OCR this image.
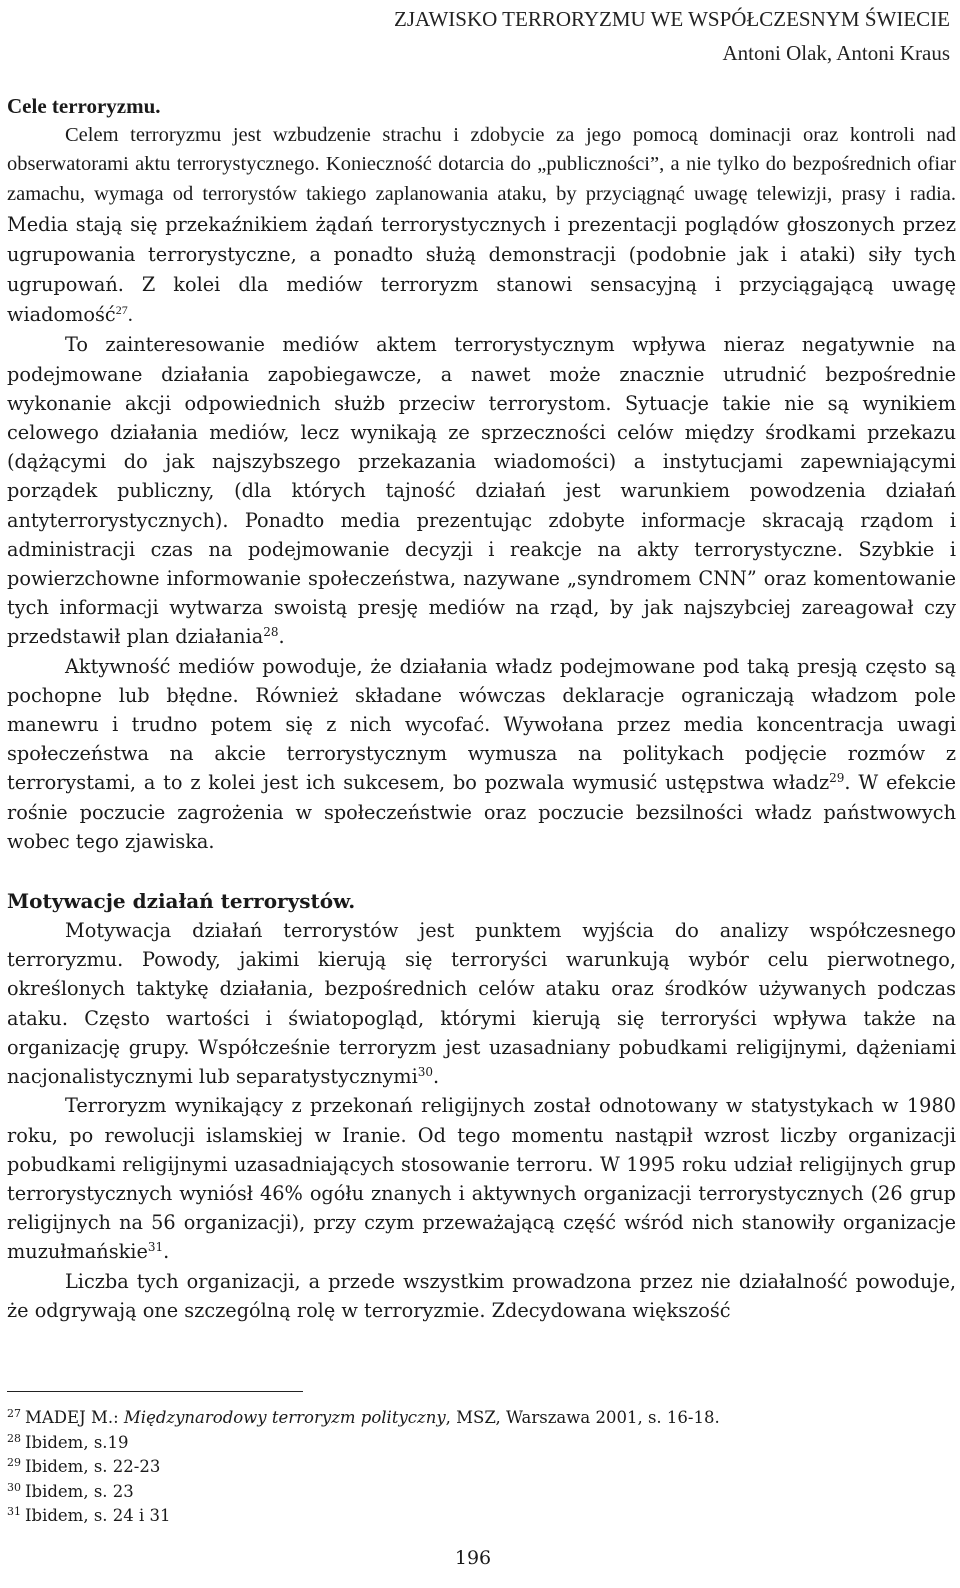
ZJAWISKO TERRORYZMU WE WSPÓŁCZESNYM ŚWIECIE
Antoni Olak, Antoni Kraus
Cele terroryzmu.

Celem terroryzmu jest wzbudzenie strachu i zdobycie za jego pomocą dominacji oraz kontroli nad obserwatorami aktu terrorystycznego. Konieczność dotarcia do „publiczności”, a nie tylko do bezpośrednich ofiar zamachu, wymaga od terrorystów takiego zaplanowania ataku, by przyciągnąć uwagę telewizji, prasy i radia. Media stają się przekaźnikiem żądań terrorystycznych i prezentacji poglądów głoszonych przez ugrupowania terrorystyczne, a ponadto służą demonstracji (podobnie jak i ataki) siły tych ugrupowań. Z kolei dla mediów terroryzm stanowi sensacyjną i przyciągającą uwagę wiadomość$^{27}$.

To zainteresowanie mediów aktem terrorystycznym wpływa nieraz negatywnie na podejmowane działania zapobiegawcze, a nawet może znacznie utrudnić bezpośrednie wykonanie akcji odpowiednich służb przeciw terrorystom. Sytuacje takie nie są wynikiem celowego działania mediów, lecz wynikają ze sprzeczności celów między środkami przekazu (dążącymi do jak najszybszego przekazania wiadomości) a instytucjami zapewniającymi porządek publiczny, (dla których tajność działań jest warunkiem powodzenia działań antyterrorystycznych). Ponadto media prezentując zdobyte informacje skracają rządom i administracji czas na podejmowanie decyzji i reakcje na akty terrorystyczne. Szybkie i powierzchowne informowanie społeczeństwa, nazywane „syndromem CNN” oraz komentowanie tych informacji wytwarza swoistą presję mediów na rząd, by jak najszybciej zareagował czy przedstawił plan działania$^{28}$.

Aktywność mediów powoduje, że działania władz podejmowane pod taką presją często są pochopne lub błędne. Również składane wówczas deklaracje ograniczają władzom pole manewru i trudno potem się z nich wycofać. Wywołana przez media koncentracja uwagi społeczeństwa na akcie terrorystycznym wymusza na politykach podjęcie rozmów z terrorystami, a to z kolei jest ich sukcesem, bo pozwala wymusić ustępstwa władz$^{29}$. W efekcie rośnie poczucie zagrożenia w społeczeństwie oraz poczucie bezsilności władz państwowych wobec tego zjawiska.

Motywacje działań terrorystów.

Motywacja działań terrorystów jest punktem wyjścia do analizy współczesnego terroryzmu. Powody, jakimi kierują się terroryści warunkują wybór celu pierwotnego, określonych taktykę działania, bezpośrednich celów ataku oraz środków używanych podczas ataku. Często wartości i światopogląd, którymi kierują się terroryści wpływa także na organizację grupy. Współcześnie terroryzm jest uzasadniany pobudkami religijnymi, dążeniami nacjonalistycznymi lub separatystycznymi$^{30}$.

Terroryzm wynikający z przekonań religijnych został odnotowany w statystykach w 1980 roku, po rewolucji islamskiej w Iranie. Od tego momentu nastąpił wzrost liczby organizacji pobudkami religijnymi uzasadniających stosowanie terroru. W 1995 roku udział religijnych grup terrorystycznych wyniósł 46% ogółu znanych i aktywnych organizacji terrorystycznych (26 grup religijnych na 56 organizacji), przy czym przeważającą część wśród nich stanowiły organizacje muzułmańskie$^{31}$.

Liczba tych organizacji, a przede wszystkim prowadzona przez nie działalność powoduje, że odgrywają one szczególną rolę w terroryzmie. Zdecydowana większość

$^{27}$ MADEJ M.: Międzynarodowy terroryzm polityczny, MSZ, Warszawa 2001, s. 16-18.
$^{28}$ Ibidem, s.19
$^{29}$ Ibidem, s. 22-23
$^{30}$ Ibidem, s. 23
$^{31}$ Ibidem, s. 24 i 31
196
